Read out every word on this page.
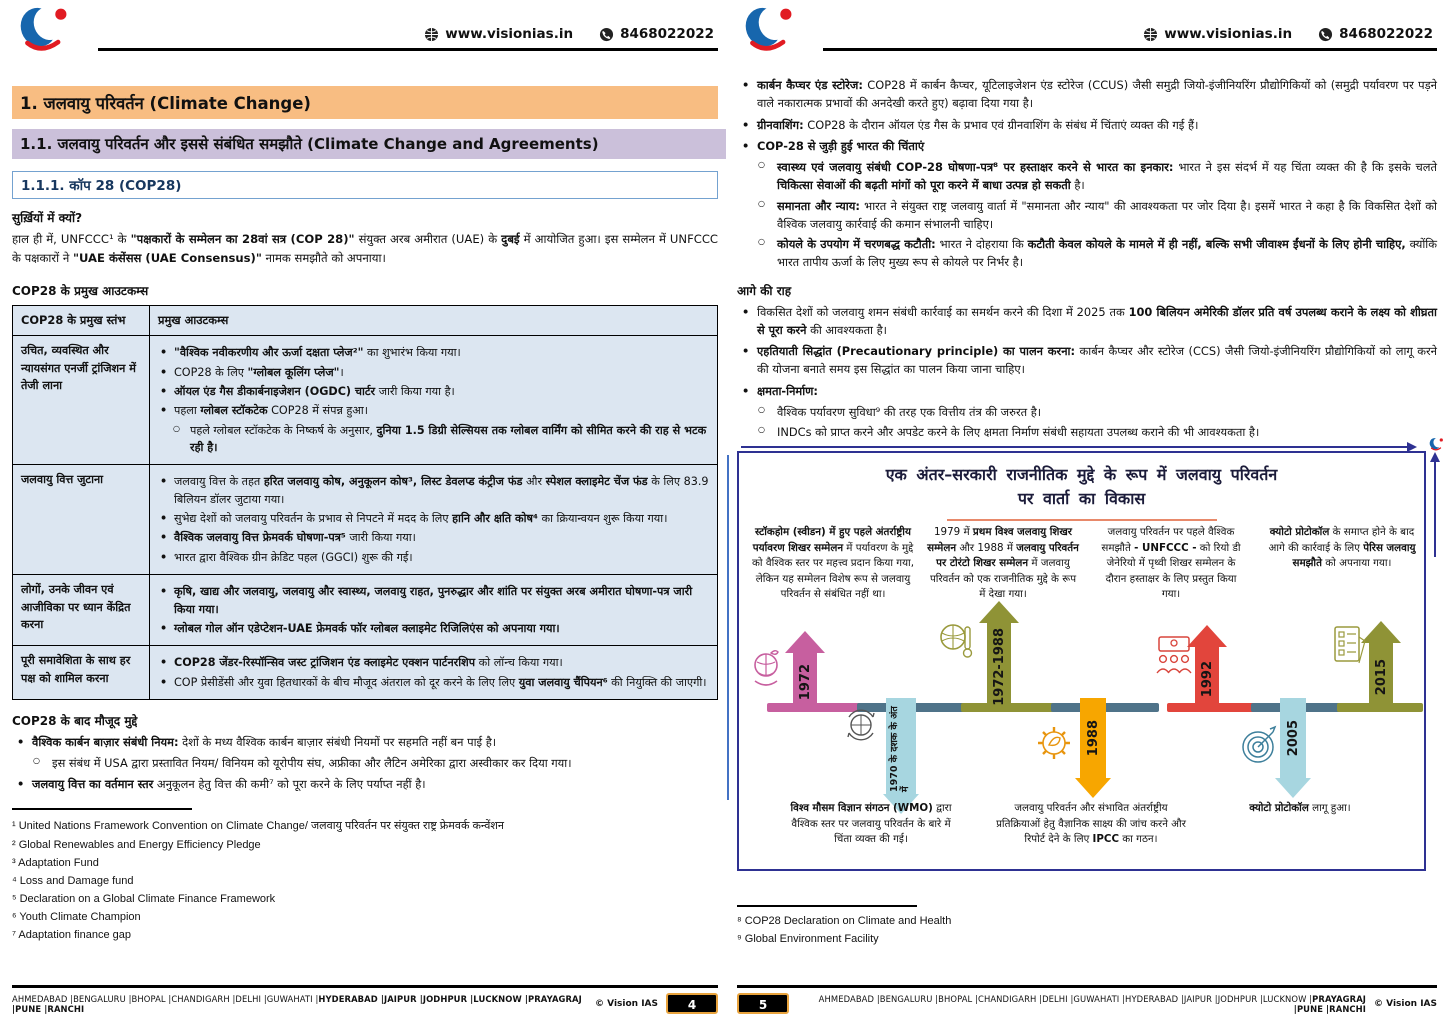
www.visionias.in	8468022022
1. जलवायु परिवर्तन (Climate Change)
1.1. जलवायु परिवर्तन और इससे संबंधित समझौते (Climate Change and Agreements)
1.1.1. कॉप 28 (COP28)
सुर्ख़ियों में क्यों?
हाल ही में, UNFCCC¹ के "पक्षकारों के सम्मेलन का 28वां सत्र (COP 28)" संयुक्त अरब अमीरात (UAE) के दुबई में आयोजित हुआ। इस सम्मेलन में UNFCCC के पक्षकारों ने "UAE कंसेंसस (UAE Consensus)" नामक समझौते को अपनाया।
COP28 के प्रमुख आउटकम्स
COP28 के प्रमुख स्तंभ	प्रमुख आउटकम्स
उचित, व्यवस्थित और न्यायसंगत एनर्जी ट्रांजिशन में तेजी लाना	• "वैश्विक नवीकरणीय और ऊर्जा दक्षता प्लेज²" का शुभारंभ किया गया।
• COP28 के लिए "ग्लोबल कूलिंग प्लेज"।
• ऑयल एंड गैस डीकार्बनाइजेशन (OGDC) चार्टर जारी किया गया है।
• पहला ग्लोबल स्टॉकटेक COP28 में संपन्न हुआ।
○ पहले ग्लोबल स्टॉकटेक के निष्कर्ष के अनुसार, दुनिया 1.5 डिग्री सेल्सियस तक ग्लोबल वार्मिंग को सीमित करने की राह से भटक रही है।

जलवायु वित्त जुटाना	• जलवायु वित्त के तहत हरित जलवायु कोष, अनुकूलन कोष³, लिस्ट डेवलप्ड कंट्रीज फंड और स्पेशल क्लाइमेट चेंज फंड के लिए 83.9 बिलियन डॉलर जुटाया गया।
• सुभेद्य देशों को जलवायु परिवर्तन के प्रभाव से निपटने में मदद के लिए हानि और क्षति कोष⁴ का क्रियान्वयन शुरू किया गया।
• वैश्विक जलवायु वित्त फ्रेमवर्क घोषणा-पत्र⁵ जारी किया गया।
• भारत द्वारा वैश्विक ग्रीन क्रेडिट पहल (GGCI) शुरू की गई।

लोगों, उनके जीवन एवं आजीविका पर ध्यान केंद्रित करना	• कृषि, खाद्य और जलवायु, जलवायु और स्वास्थ्य, जलवायु राहत, पुनरुद्धार और शांति पर संयुक्त अरब अमीरात घोषणा-पत्र जारी किया गया।
• ग्लोबल गोल ऑन एडेप्टेशन-UAE फ्रेमवर्क फॉर ग्लोबल क्लाइमेट रिजिलिएंस को अपनाया गया।

पूरी समावेशिता के साथ हर पक्ष को शामिल करना	• COP28 जेंडर-रिस्पॉन्सिव जस्ट ट्रांजिशन एंड क्लाइमेट एक्शन पार्टनरशिप को लॉन्च किया गया।
• COP प्रेसीडेंसी और युवा हितधारकों के बीच मौजूद अंतराल को दूर करने के लिए लिए युवा जलवायु चैंपियन⁶ की नियुक्ति की जाएगी।
COP28 के बाद मौजूद मुद्दे
• वैश्विक कार्बन बाज़ार संबंधी नियम: देशों के मध्य वैश्विक कार्बन बाज़ार संबंधी नियमों पर सहमति नहीं बन पाई है।
○ इस संबंध में USA द्वारा प्रस्तावित नियम/ विनियम को यूरोपीय संघ, अफ्रीका और लैटिन अमेरिका द्वारा अस्वीकार कर दिया गया।
• जलवायु वित्त का वर्तमान स्तर अनुकूलन हेतु वित्त की कमी⁷ को पूरा करने के लिए पर्याप्त नहीं है।
¹ United Nations Framework Convention on Climate Change/ जलवायु परिवर्तन पर संयुक्त राष्ट्र फ्रेमवर्क कन्वेंशन
² Global Renewables and Energy Efficiency Pledge
³ Adaptation Fund
⁴ Loss and Damage fund
⁵ Declaration on a Global Climate Finance Framework
⁶ Youth Climate Champion
⁷ Adaptation finance gap
AHMEDABAD |BENGALURU |BHOPAL |CHANDIGARH |DELHI |GUWAHATI |HYDERABAD |JAIPUR |JODHPUR |LUCKNOW |PRAYAGRAJ |PUNE |RANCHI	© Vision IAS	4
www.visionias.in	8468022022
• कार्बन कैप्चर एंड स्टोरेज: COP28 में कार्बन कैप्चर, यूटिलाइजेशन एंड स्टोरेज (CCUS) जैसी समुद्री जियो-इंजीनियरिंग प्रौद्योगिकियों को (समुद्री पर्यावरण पर पड़ने वाले नकारात्मक प्रभावों की अनदेखी करते हुए) बढ़ावा दिया गया है।
• ग्रीनवाशिंग: COP28 के दौरान ऑयल एंड गैस के प्रभाव एवं ग्रीनवाशिंग के संबंध में चिंताएं व्यक्त की गई हैं।
• COP-28 से जुड़ी हुई भारत की चिंताएं
○ स्वास्थ्य एवं जलवायु संबंधी COP-28 घोषणा-पत्र⁸ पर हस्ताक्षर करने से भारत का इनकार: भारत ने इस संदर्भ में यह चिंता व्यक्त की है कि इसके चलते चिकित्सा सेवाओं की बढ़ती मांगों को पूरा करने में बाधा उत्पन्न हो सकती है।
○ समानता और न्याय: भारत ने संयुक्त राष्ट्र जलवायु वार्ता में "समानता और न्याय" की आवश्यकता पर जोर दिया है। इसमें भारत ने कहा है कि विकसित देशों को वैश्विक जलवायु कार्रवाई की कमान संभालनी चाहिए।
○ कोयले के उपयोग में चरणबद्ध कटौती: भारत ने दोहराया कि कटौती केवल कोयले के मामले में ही नहीं, बल्कि सभी जीवाश्म ईंधनों के लिए होनी चाहिए, क्योंकि भारत तापीय ऊर्जा के लिए मुख्य रूप से कोयले पर निर्भर है।
आगे की राह
• विकसित देशों को जलवायु शमन संबंधी कार्रवाई का समर्थन करने की दिशा में 2025 तक 100 बिलियन अमेरिकी डॉलर प्रति वर्ष उपलब्ध कराने के लक्ष्य को शीघ्रता से पूरा करने की आवश्यकता है।
• एहतियाती सिद्धांत (Precautionary principle) का पालन करना: कार्बन कैप्चर और स्टोरेज (CCS) जैसी जियो-इंजीनियरिंग प्रौद्योगिकियों को लागू करने की योजना बनाते समय इस सिद्धांत का पालन किया जाना चाहिए।
• क्षमता-निर्माण:
○ वैश्विक पर्यावरण सुविधा⁹ की तरह एक वित्तीय तंत्र की जरुरत है।
○ INDCs को प्राप्त करने और अपडेट करने के लिए क्षमता निर्माण संबंधी सहायता उपलब्ध कराने की भी आवश्यकता है।
एक अंतर–सरकारी राजनीतिक मुद्दे के रूप में जलवायु परिवर्तन
पर वार्ता का विकास
स्टॉकहोम (स्वीडन) में हुए पहले अंतर्राष्ट्रीय पर्यावरण शिखर सम्मेलन में पर्यावरण के मुद्दे को वैश्विक स्तर पर महत्त्व प्रदान किया गया, लेकिन यह सम्मेलन विशेष रूप से जलवायु परिवर्तन से संबंधित नहीं था।
1979 में प्रथम विश्व जलवायु शिखर सम्मेलन और 1988 में जलवायु परिवर्तन पर टोरंटो शिखर सम्मेलन में जलवायु परिवर्तन को एक राजनीतिक मुद्दे के रूप में देखा गया।
जलवायु परिवर्तन पर पहले वैश्विक समझौते - UNFCCC - को रियो डी जेनेरियो में पृथ्वी शिखर सम्मेलन के दौरान हस्ताक्षर के लिए प्रस्तुत किया गया।
क्योटो प्रोटोकॉल के समाप्त होने के बाद आगे की कार्रवाई के लिए पेरिस जलवायु समझौते को अपनाया गया।
1972
1970 के दशक के अंत में
1972-1988
1988
1992
2005
2015
विश्व मौसम विज्ञान संगठन (WMO) द्वारा वैश्विक स्तर पर जलवायु परिवर्तन के बारे में चिंता व्यक्त की गई।
जलवायु परिवर्तन और संभावित अंतर्राष्ट्रीय प्रतिक्रियाओं हेतु वैज्ञानिक साक्ष्य की जांच करने और रिपोर्ट देने के लिए IPCC का गठन।
क्योटो प्रोटोकॉल लागू हुआ।
⁸ COP28 Declaration on Climate and Health
⁹ Global Environment Facility
5	AHMEDABAD |BENGALURU |BHOPAL |CHANDIGARH |DELHI |GUWAHATI |HYDERABAD |JAIPUR |JODHPUR |LUCKNOW |PRAYAGRAJ |PUNE |RANCHI © Vision IAS
